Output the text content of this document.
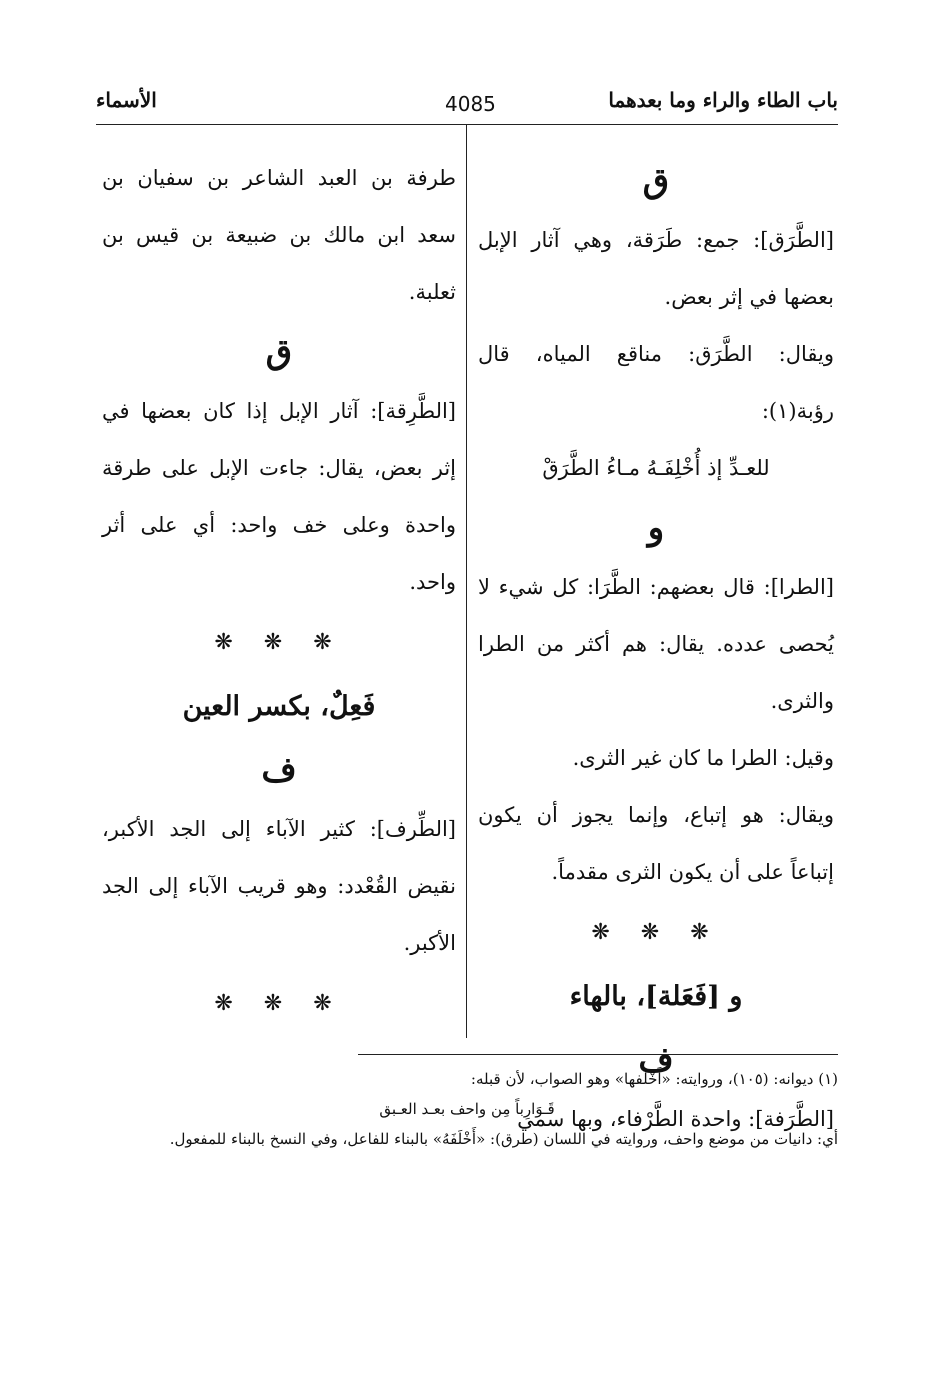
باب الطاء والراء وما بعدهما
4085
الأسماء

ق

[الطَّرَق]: جمع: طَرَقة، وهي آثار الإبل بعضها في إثر بعض.

ويقال: الطَّرَق: مناقع المياه، قال رؤبة(١):

للعـدِّ إذ أُخْلِفَـهُ مـاءُ الطَّرَقْ

و

[الطرا]: قال بعضهم: الطَّرَا: كل شيء لا يُحصى عدده. يقال: هم أكثر من الطرا والثرى.

وقيل: الطرا ما كان غير الثرى.

ويقال: هو إتباع، وإنما يجوز أن يكون إتباعاً على أن يكون الثرى مقدماً.

❋ ❋ ❋

و [فَعَلة]، بالهاء

ف

[الطَّرَفة]: واحدة الطَّرْفاء، وبها سمي

طرفة بن العبد الشاعر بن سفيان بن سعد ابن مالك بن ضبيعة بن قيس بن ثعلبة.

ق

[الطَّرِقة]: آثار الإبل إذا كان بعضها في إثر بعض، يقال: جاءت الإبل على طرقة واحدة وعلى خف واحد: أي على أثر واحد.

❋ ❋ ❋

فَعِلٌ، بكسر العين

ف

[الطِّرف]: كثير الآباء إلى الجد الأكبر، نقيض القُعْدد: وهو قريب الآباء إلى الجد الأكبر.

❋ ❋ ❋

(١) ديوانه: (١٠٥)، وروايته: «أَخْلَفها» وهو الصواب، لأن قبله:

قَـوَارِباً مِن واحف بعـد العـبق

أي: دانيات من موضع واحف، وروايته في اللسان (طرق): «أَخْلَفَهُ» بالبناء للفاعل، وفي النسخ بالبناء للمفعول.
